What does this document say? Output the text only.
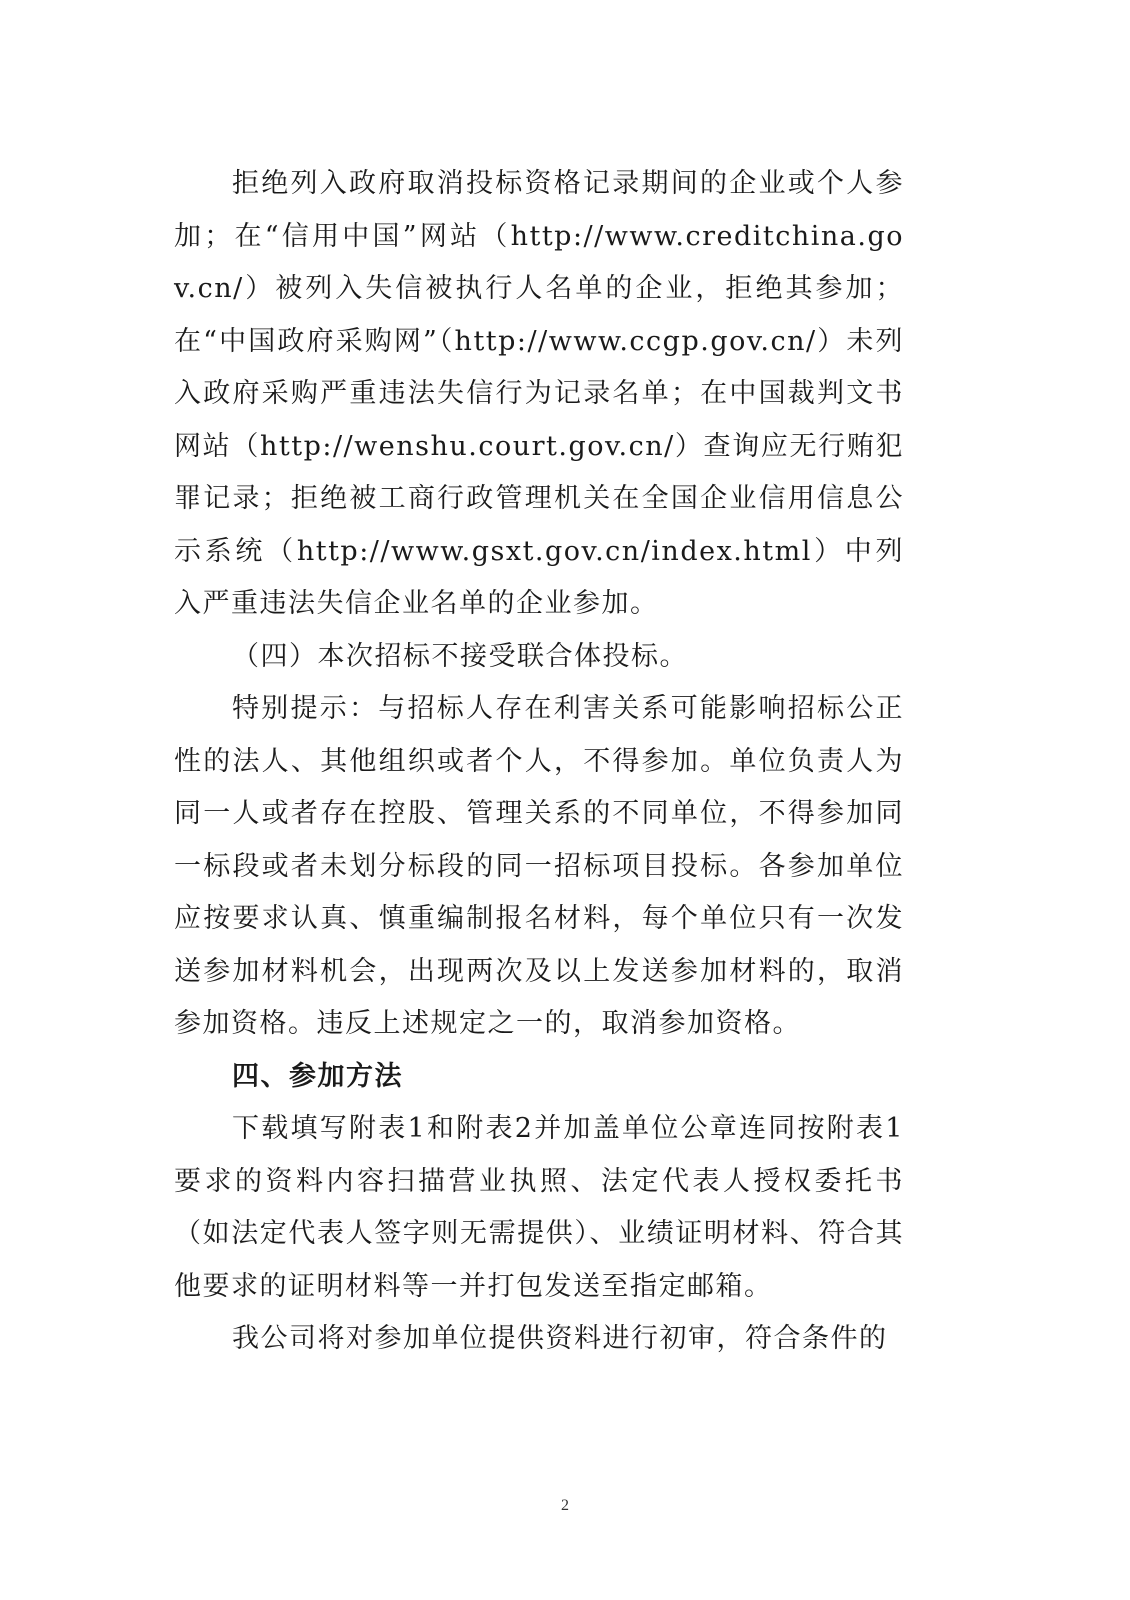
拒绝列入政府取消投标资格记录期间的企业或个人参加；在“信用中国”网站（http://www.creditchina.gov.cn/）被列入失信被执行人名单的企业，拒绝其参加；在“中国政府采购网”（http://www.ccgp.gov.cn/）未列入政府采购严重违法失信行为记录名单；在中国裁判文书网站（http://wenshu.court.gov.cn/）查询应无行贿犯罪记录；拒绝被工商行政管理机关在全国企业信用信息公示系统（http://www.gsxt.gov.cn/index.html）中列入严重违法失信企业名单的企业参加。

（四）本次招标不接受联合体投标。

特别提示：与招标人存在利害关系可能影响招标公正性的法人、其他组织或者个人，不得参加。单位负责人为同一人或者存在控股、管理关系的不同单位，不得参加同一标段或者未划分标段的同一招标项目投标。各参加单位应按要求认真、慎重编制报名材料，每个单位只有一次发送参加材料机会，出现两次及以上发送参加材料的，取消参加资格。违反上述规定之一的，取消参加资格。

四、参加方法

下载填写附表1和附表2并加盖单位公章连同按附表1要求的资料内容扫描营业执照、法定代表人授权委托书（如法定代表人签字则无需提供）、业绩证明材料、符合其他要求的证明材料等一并打包发送至指定邮箱。

我公司将对参加单位提供资料进行初审，符合条件的

2
